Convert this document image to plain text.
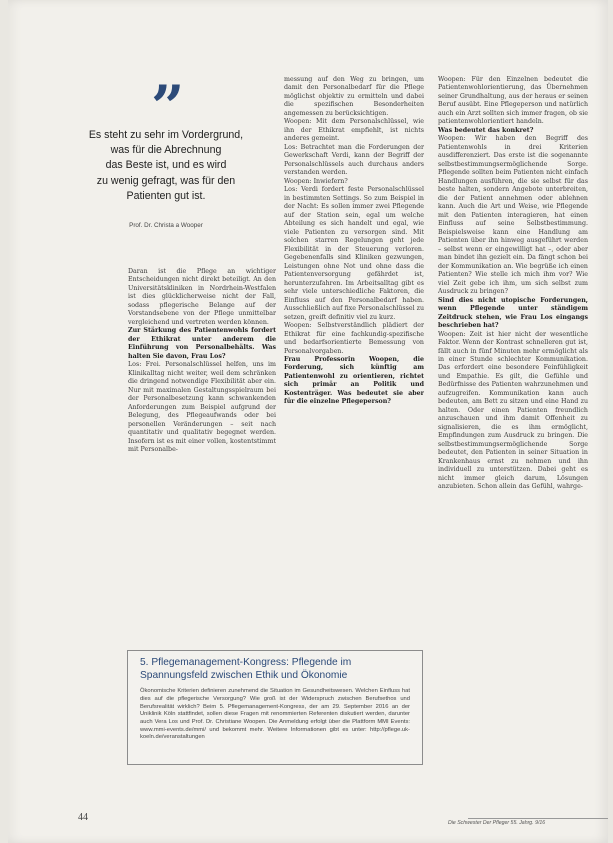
”

Es steht zu sehr im Vordergrund,

was für die Abrechnung

das Beste ist, und es wird

zu wenig gefragt, was für den

Patienten gut ist.

Prof. Dr. Christa a Wooper

Daran ist die Pflege an wichtiger Entscheidungen nicht direkt beteiligt. An den Universitätskliniken in Nordrhein-Westfalen ist dies glücklicherweise nicht der Fall, sodass pflegerische Belange auf der Vorstandsebene von der Pflege unmittelbar vergleichend und vertreten werden können.

Zur Stärkung des Patientenwohls fordert der Ethikrat unter anderem die Einführung von Personalbehälts. Was halten Sie davon, Frau Los?

Los: Frei. Personalschlüssel helfen, uns im Klinikalltag nicht weiter, weil dem schränken die dringend notwendige Flexibilität aber ein. Nur mit maximalen Gestaltungsspielraum bei der Personalbesetzung kann schwankenden Anforderungen zum Beispiel aufgrund der Belegung, des Pflegeaufwands oder bei personellen Veränderungen – seit nach quantitativ und qualitativ begegnet werden. Insofern ist es mit einer vollen, kostentstimmt mit Personalbe-

messung auf den Weg zu bringen, um damit den Personalbedarf für die Pflege möglichst objektiv zu ermitteln und dabei die spezifischen Besonderheiten angemessen zu berücksichtigen.

Woopen: Mit dem Personalschlüssel, wie ihn der Ethikrat empfiehlt, ist nichts anderes gemeint.

Los: Betrachtet man die Forderungen der Gewerkschaft Verdi, kann der Begriff der Personalschlüssels auch durchaus anders verstanden werden.

Woopen: Inwiefern?

Los: Verdi fordert feste Personalschlüssel in bestimmten Settings. So zum Beispiel in der Nacht: Es sollen immer zwei Pflegende auf der Station sein, egal um welche Abteilung es sich handelt und egal, wie viele Patienten zu versorgen sind. Mit solchen starren Regelungen geht jede Flexibilität in der Steuerung verloren. Gegebenenfalls sind Kliniken gezwungen, Leistungen ohne Not und ohne dass die Patientenversorgung gefährdet ist, herunterzufahren. Im Arbeitsalltag gibt es sehr viele unterschiedliche Faktoren, die Einfluss auf den Personalbedarf haben. Ausschließlich auf fixe Personalschlüssel zu setzen, greift definitiv viel zu kurz.

Woopen: Selbstverständlich plädiert der Ethikrat für eine fachkundig-spezifische und bedarfsorientierte Bemessung von Personalvorgaben.

Frau Professorin Woopen, die Forderung, sich künftig am Patientenwohl zu orientieren, richtet sich primär an Politik und Kostenträger. Was bedeutet sie aber für die einzelne Pflegeperson?

Woopen: Für den Einzelnen bedeutet die Patientenwohlorientierung, das Übernehmen seiner Grundhaltung, aus der heraus er seinen Beruf ausübt. Eine Pflegeperson und natürlich auch ein Arzt sollten sich immer fragen, ob sie patientenwohlorientiert handeln.

Was bedeutet das konkret?

Woopen: Wir haben den Begriff des Patientenwohls in drei Kriterien ausdifferenziert. Das erste ist die sogenannte selbstbestimmungsermöglichende Sorge. Pflegende sollten beim Patienten nicht einfach Handlungen ausführen, die sie selbst für das beste halten, sondern Angebote unterbreiten, die der Patient annehmen oder ablehnen kann. Auch die Art und Weise, wie Pflegende mit den Patienten interagieren, hat einen Einfluss auf seine Selbstbestimmung. Beispielsweise kann eine Handlung am Patienten über ihn hinweg ausgeführt werden – selbst wenn er eingewilligt hat –, oder aber man bindet ihn gezielt ein. Da fängt schon bei der Kommunikation an. Wie begrüße ich einen Patienten? Wie stelle ich mich ihm vor? Wie viel Zeit gebe ich ihm, um sich selbst zum Ausdruck zu bringen?

Sind dies nicht utopische Forderungen, wenn Pflegende unter ständigem Zeitdruck stehen, wie Frau Los eingangs beschrieben hat?

Woopen: Zeit ist hier nicht der wesentliche Faktor. Wenn der Kontrast schnelleren gut ist, fällt auch in fünf Minuten mehr ermöglicht als in einer Stunde schlechter Kommunikation. Das erfordert eine besondere Feinfühligkeit und Empathie. Es gilt, die Gefühle und Bedürfnisse des Patienten wahrzunehmen und aufzugreifen. Kommunikation kann auch bedeuten, am Bett zu sitzen und eine Hand zu halten. Oder einen Patienten freundlich anzuschauen und ihm damit Offenheit zu signalisieren, die es ihm ermöglicht, Empfindungen zum Ausdruck zu bringen. Die selbstbestimmungsermöglichende Sorge bedeutet, den Patienten in seiner Situation in Krankenhaus ernst zu nehmen und ihn individuell zu unterstützen. Dabei geht es nicht immer gleich darum, Lösungen anzubieten. Schon allein das Gefühl, wahrge-

5. Pflegemanagement-Kongress: Pflegende im Spannungsfeld zwischen Ethik und Ökonomie

Ökonomische Kriterien definieren zunehmend die Situation im Gesundheitswesen. Welchen Einfluss hat dies auf die pflegerische Versorgung? Wie groß ist der Widerspruch zwischen Berufsethos und Berufsrealität wirklich? Beim 5. Pflegemanagement-Kongress, der am 29. September 2016 an der Uniklinik Köln stattfindet, sollen diese Fragen mit renommierten Referenten diskutiert werden, darunter auch Vera Los und Prof. Dr. Christiane Woopen. Die Anmeldung erfolgt über die Plattform MMI Events: www.mmi-events.de/mmi/ und bekommt mehr. Weitere Informationen gibt es unter: http://pflege.uk-koeln.de/veranstaltungen

44	Die Schwester Der Pfleger 55. Jahrg. 9/16
